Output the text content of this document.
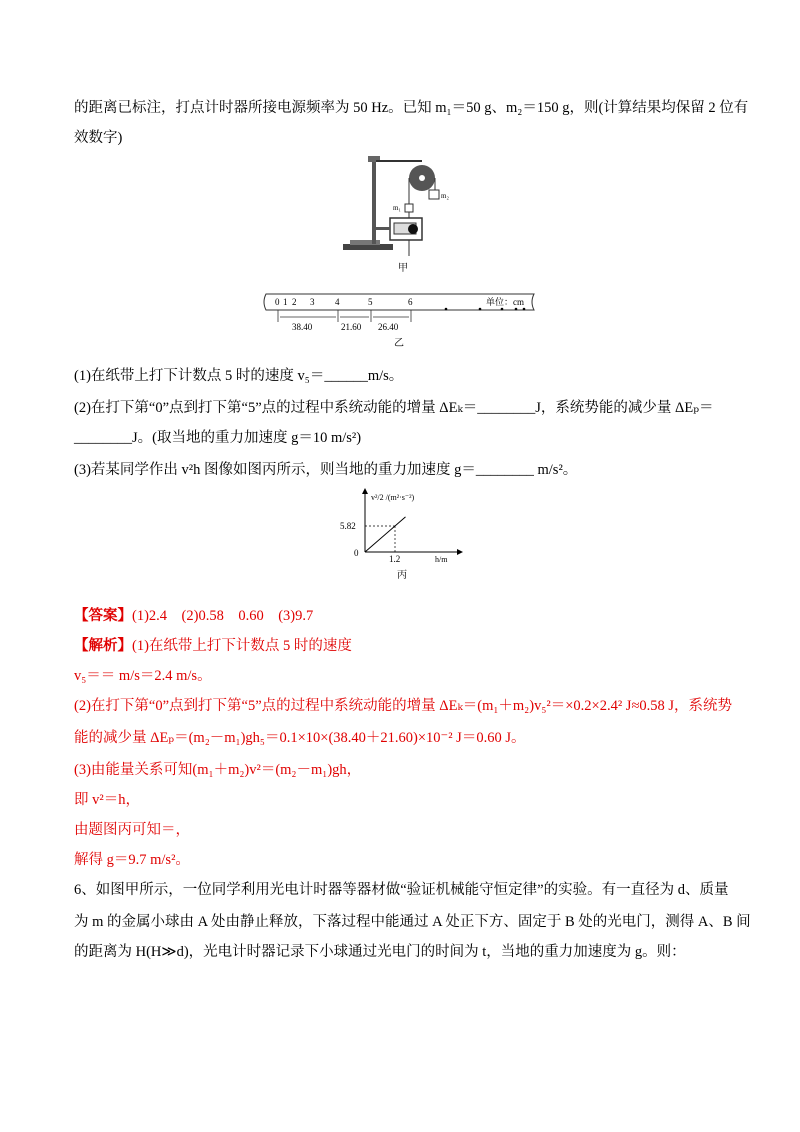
的距离已标注，打点计时器所接电源频率为 50 Hz。已知 m₁＝50 g、m₂＝150 g，则(计算结果均保留 2 位有
效数字)
m₂
m₁
甲
0 1 2 3 4	5	6	单位：cm
38.40	21.60 26.40
乙
(1)在纸带上打下计数点 5 时的速度 v₅＝______m/s。
(2)在打下第“0”点到打下第“5”点的过程中系统动能的增量 ΔEₖ＝________J，系统势能的减少量 ΔEₚ＝
________J。(取当地的重力加速度 g＝10 m/s²)
(3)若某同学作出 v²h 图像如图丙所示，则当地的重力加速度 g＝________ m/s²。
v²/2 /(m²·s⁻²)
h/m
0
5.82
1.2
丙
【答案】(1)2.4　(2)0.58　0.60　(3)9.7
【解析】(1)在纸带上打下计数点 5 时的速度
v₅＝＝ m/s＝2.4 m/s。
(2)在打下第“0”点到打下第“5”点的过程中系统动能的增量 ΔEₖ＝(m₁＋m₂)v₅²＝×0.2×2.4² J≈0.58 J，系统势
能的减少量 ΔEₚ＝(m₂－m₁)gh₅＝0.1×10×(38.40＋21.60)×10⁻² J＝0.60 J。
(3)由能量关系可知(m₁＋m₂)v²＝(m₂－m₁)gh，
即 v²＝h，
由题图丙可知＝，
解得 g＝9.7 m/s²。
6、如图甲所示，一位同学利用光电计时器等器材做“验证机械能守恒定律”的实验。有一直径为 d、质量
为 m 的金属小球由 A 处由静止释放，下落过程中能通过 A 处正下方、固定于 B 处的光电门，测得 A、B 间
的距离为 H(H≫d)，光电计时器记录下小球通过光电门的时间为 t，当地的重力加速度为 g。则：
